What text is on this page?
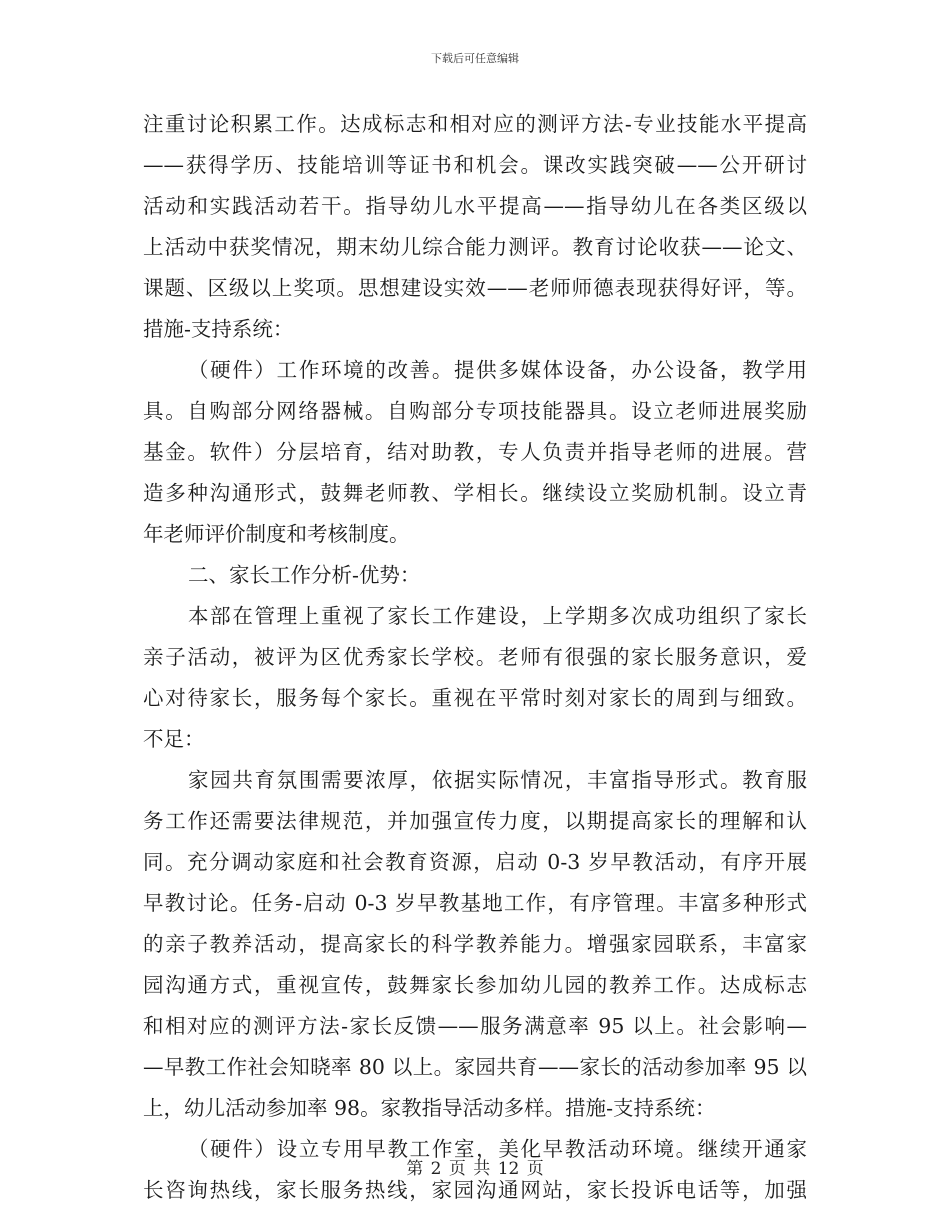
下载后可任意编辑
注重讨论积累工作。达成标志和相对应的测评方法-专业技能水平提高
——获得学历、技能培训等证书和机会。课改实践突破——公开研讨
活动和实践活动若干。指导幼儿水平提高——指导幼儿在各类区级以
上活动中获奖情况，期末幼儿综合能力测评。教育讨论收获——论文、
课题、区级以上奖项。思想建设实效——老师师德表现获得好评，等。
措施-支持系统：
（硬件）工作环境的改善。提供多媒体设备，办公设备，教学用
具。自购部分网络器械。自购部分专项技能器具。设立老师进展奖励
基金。软件）分层培育，结对助教，专人负责并指导老师的进展。营
造多种沟通形式，鼓舞老师教、学相长。继续设立奖励机制。设立青
年老师评价制度和考核制度。
二、家长工作分析-优势：
本部在管理上重视了家长工作建设，上学期多次成功组织了家长
亲子活动，被评为区优秀家长学校。老师有很强的家长服务意识，爱
心对待家长，服务每个家长。重视在平常时刻对家长的周到与细致。
不足：
家园共育氛围需要浓厚，依据实际情况，丰富指导形式。教育服
务工作还需要法律规范，并加强宣传力度，以期提高家长的理解和认
同。充分调动家庭和社会教育资源，启动 0-3 岁早教活动，有序开展
早教讨论。任务-启动 0-3 岁早教基地工作，有序管理。丰富多种形式
的亲子教养活动，提高家长的科学教养能力。增强家园联系，丰富家
园沟通方式，重视宣传，鼓舞家长参加幼儿园的教养工作。达成标志
和相对应的测评方法-家长反馈——服务满意率 95 以上。社会影响—
—早教工作社会知晓率 80 以上。家园共育——家长的活动参加率 95 以
上，幼儿活动参加率 98。家教指导活动多样。措施-支持系统：
（硬件）设立专用早教工作室，美化早教活动环境。继续开通家
长咨询热线，家长服务热线，家园沟通网站，家长投诉电话等，加强
第 2 页 共 12 页
